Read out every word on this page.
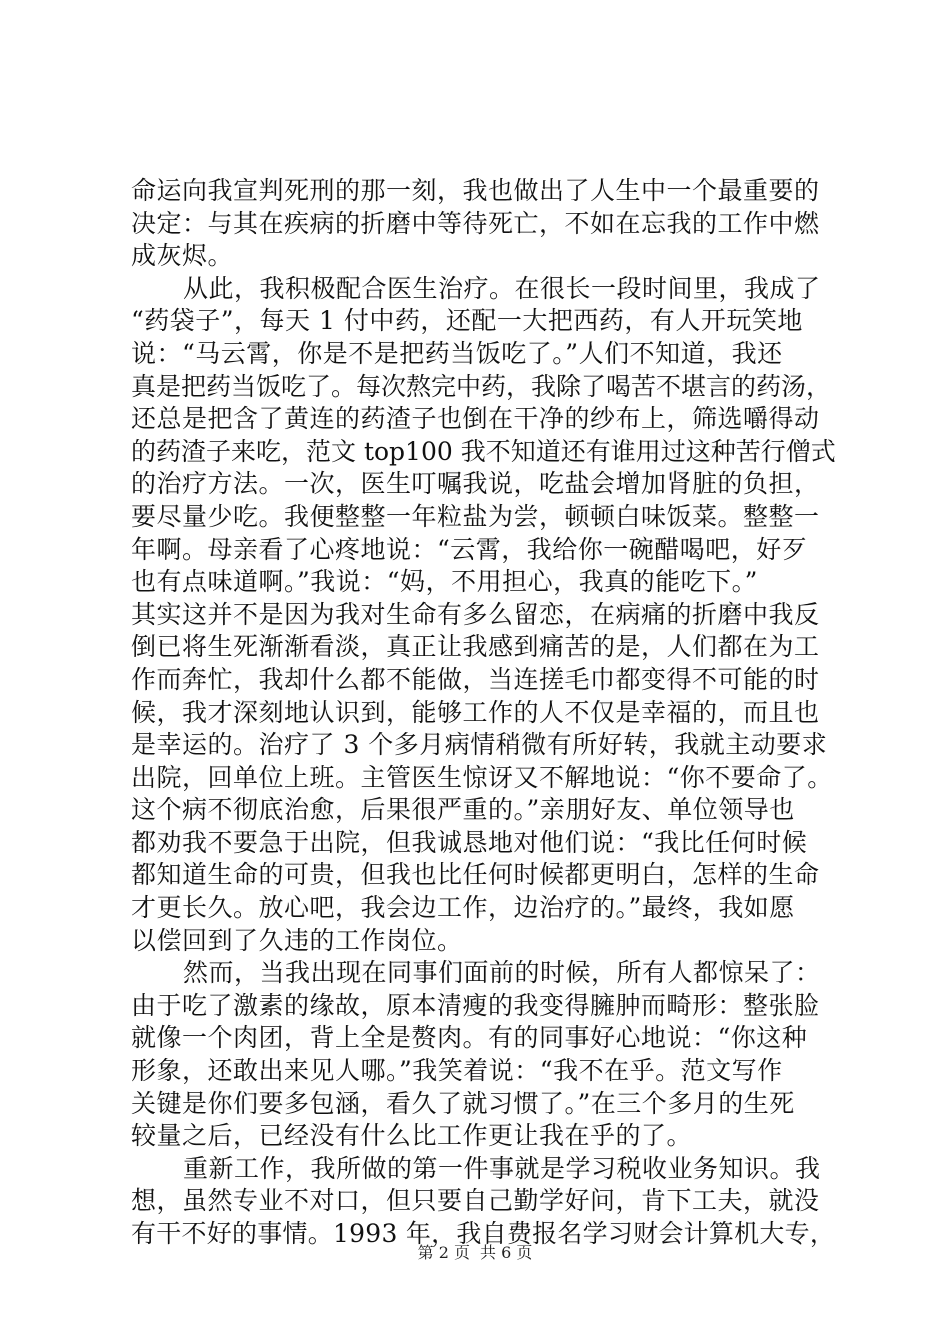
命运向我宣判死刑的那一刻，我也做出了人生中一个最重要的
决定：与其在疾病的折磨中等待死亡，不如在忘我的工作中燃
成灰烬。
从此，我积极配合医生治疗。在很长一段时间里，我成了
“药袋子”，每天 1 付中药，还配一大把西药，有人开玩笑地
说：“马云霄，你是不是把药当饭吃了。”人们不知道，我还
真是把药当饭吃了。每次熬完中药，我除了喝苦不堪言的药汤，
还总是把含了黄连的药渣子也倒在干净的纱布上，筛选嚼得动
的药渣子来吃，范文 top100 我不知道还有谁用过这种苦行僧式
的治疗方法。一次，医生叮嘱我说，吃盐会增加肾脏的负担，
要尽量少吃。我便整整一年粒盐为尝，顿顿白味饭菜。整整一
年啊。母亲看了心疼地说：“云霄，我给你一碗醋喝吧，好歹
也有点味道啊。”我说：“妈，不用担心，我真的能吃下。”
其实这并不是因为我对生命有多么留恋，在病痛的折磨中我反
倒已将生死渐渐看淡，真正让我感到痛苦的是，人们都在为工
作而奔忙，我却什么都不能做，当连搓毛巾都变得不可能的时
候，我才深刻地认识到，能够工作的人不仅是幸福的，而且也
是幸运的。治疗了 3 个多月病情稍微有所好转，我就主动要求
出院，回单位上班。主管医生惊讶又不解地说：“你不要命了。
这个病不彻底治愈，后果很严重的。”亲朋好友、单位领导也
都劝我不要急于出院，但我诚恳地对他们说：“我比任何时候
都知道生命的可贵，但我也比任何时候都更明白，怎样的生命
才更长久。放心吧，我会边工作，边治疗的。”最终，我如愿
以偿回到了久违的工作岗位。
然而，当我出现在同事们面前的时候，所有人都惊呆了：
由于吃了激素的缘故，原本清瘦的我变得臃肿而畸形：整张脸
就像一个肉团，背上全是赘肉。有的同事好心地说：“你这种
形象，还敢出来见人哪。”我笑着说：“我不在乎。范文写作
关键是你们要多包涵，看久了就习惯了。”在三个多月的生死
较量之后，已经没有什么比工作更让我在乎的了。
重新工作，我所做的第一件事就是学习税收业务知识。我
想，虽然专业不对口，但只要自己勤学好问，肯下工夫，就没
有干不好的事情。1993 年，我自费报名学习财会计算机大专，
第 2 页 共 6 页
